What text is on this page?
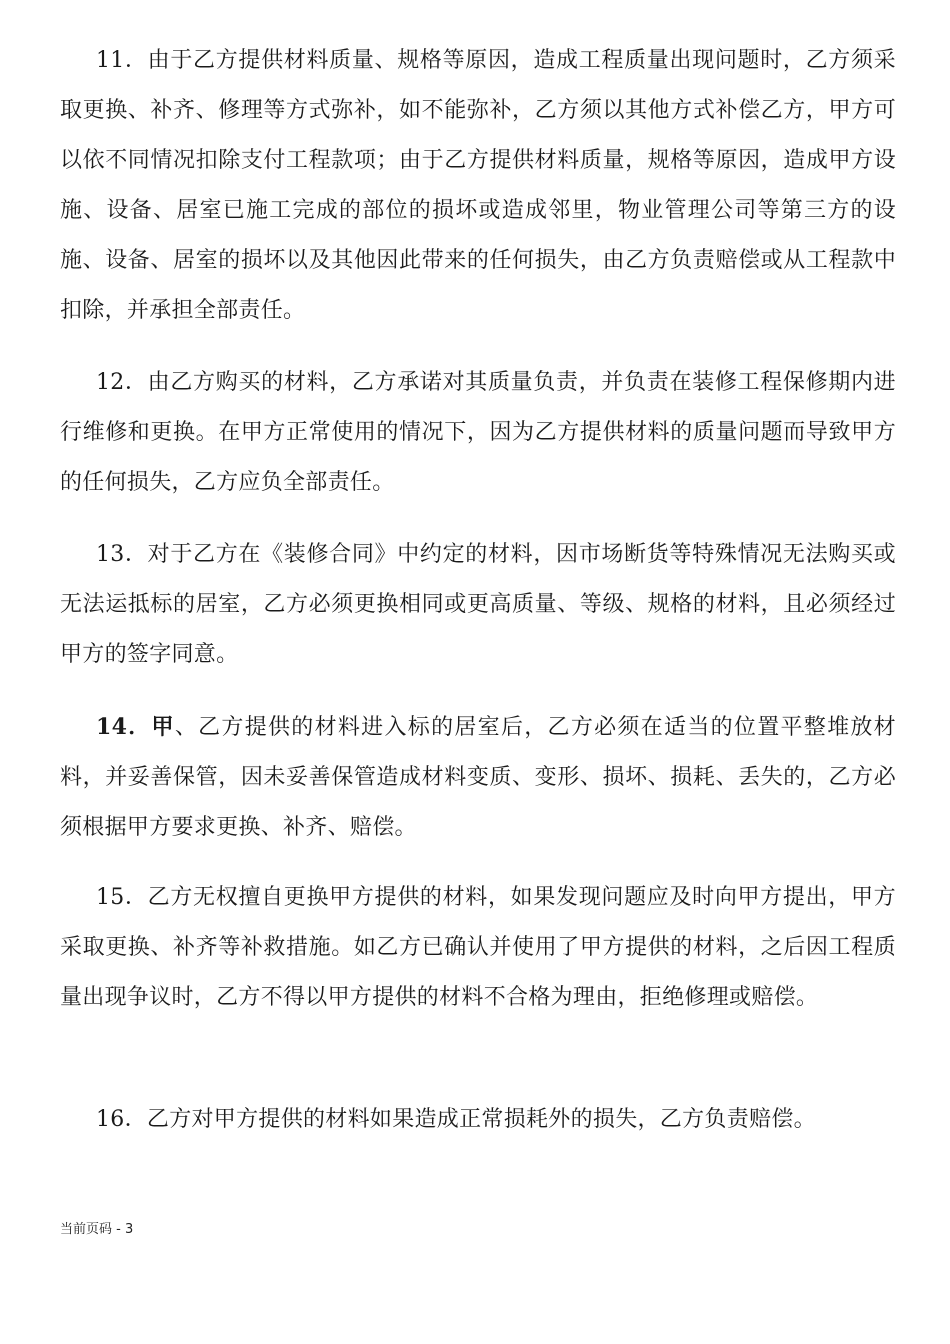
11．由于乙方提供材料质量、规格等原因，造成工程质量出现问题时，乙方须采取更换、补齐、修理等方式弥补，如不能弥补，乙方须以其他方式补偿乙方，甲方可以依不同情况扣除支付工程款项；由于乙方提供材料质量，规格等原因，造成甲方设施、设备、居室已施工完成的部位的损坏或造成邻里，物业管理公司等第三方的设施、设备、居室的损坏以及其他因此带来的任何损失，由乙方负责赔偿或从工程款中扣除，并承担全部责任。

12．由乙方购买的材料，乙方承诺对其质量负责，并负责在装修工程保修期内进行维修和更换。在甲方正常使用的情况下，因为乙方提供材料的质量问题而导致甲方的任何损失，乙方应负全部责任。

13．对于乙方在《装修合同》中约定的材料，因市场断货等特殊情况无法购买或无法运抵标的居室，乙方必须更换相同或更高质量、等级、规格的材料，且必须经过甲方的签字同意。

14．甲、乙方提供的材料进入标的居室后，乙方必须在适当的位置平整堆放材料，并妥善保管，因未妥善保管造成材料变质、变形、损坏、损耗、丢失的，乙方必须根据甲方要求更换、补齐、赔偿。

15．乙方无权擅自更换甲方提供的材料，如果发现问题应及时向甲方提出，甲方采取更换、补齐等补救措施。如乙方已确认并使用了甲方提供的材料，之后因工程质量出现争议时，乙方不得以甲方提供的材料不合格为理由，拒绝修理或赔偿。

16．乙方对甲方提供的材料如果造成正常损耗外的损失，乙方负责赔偿。

当前页码 - 3
